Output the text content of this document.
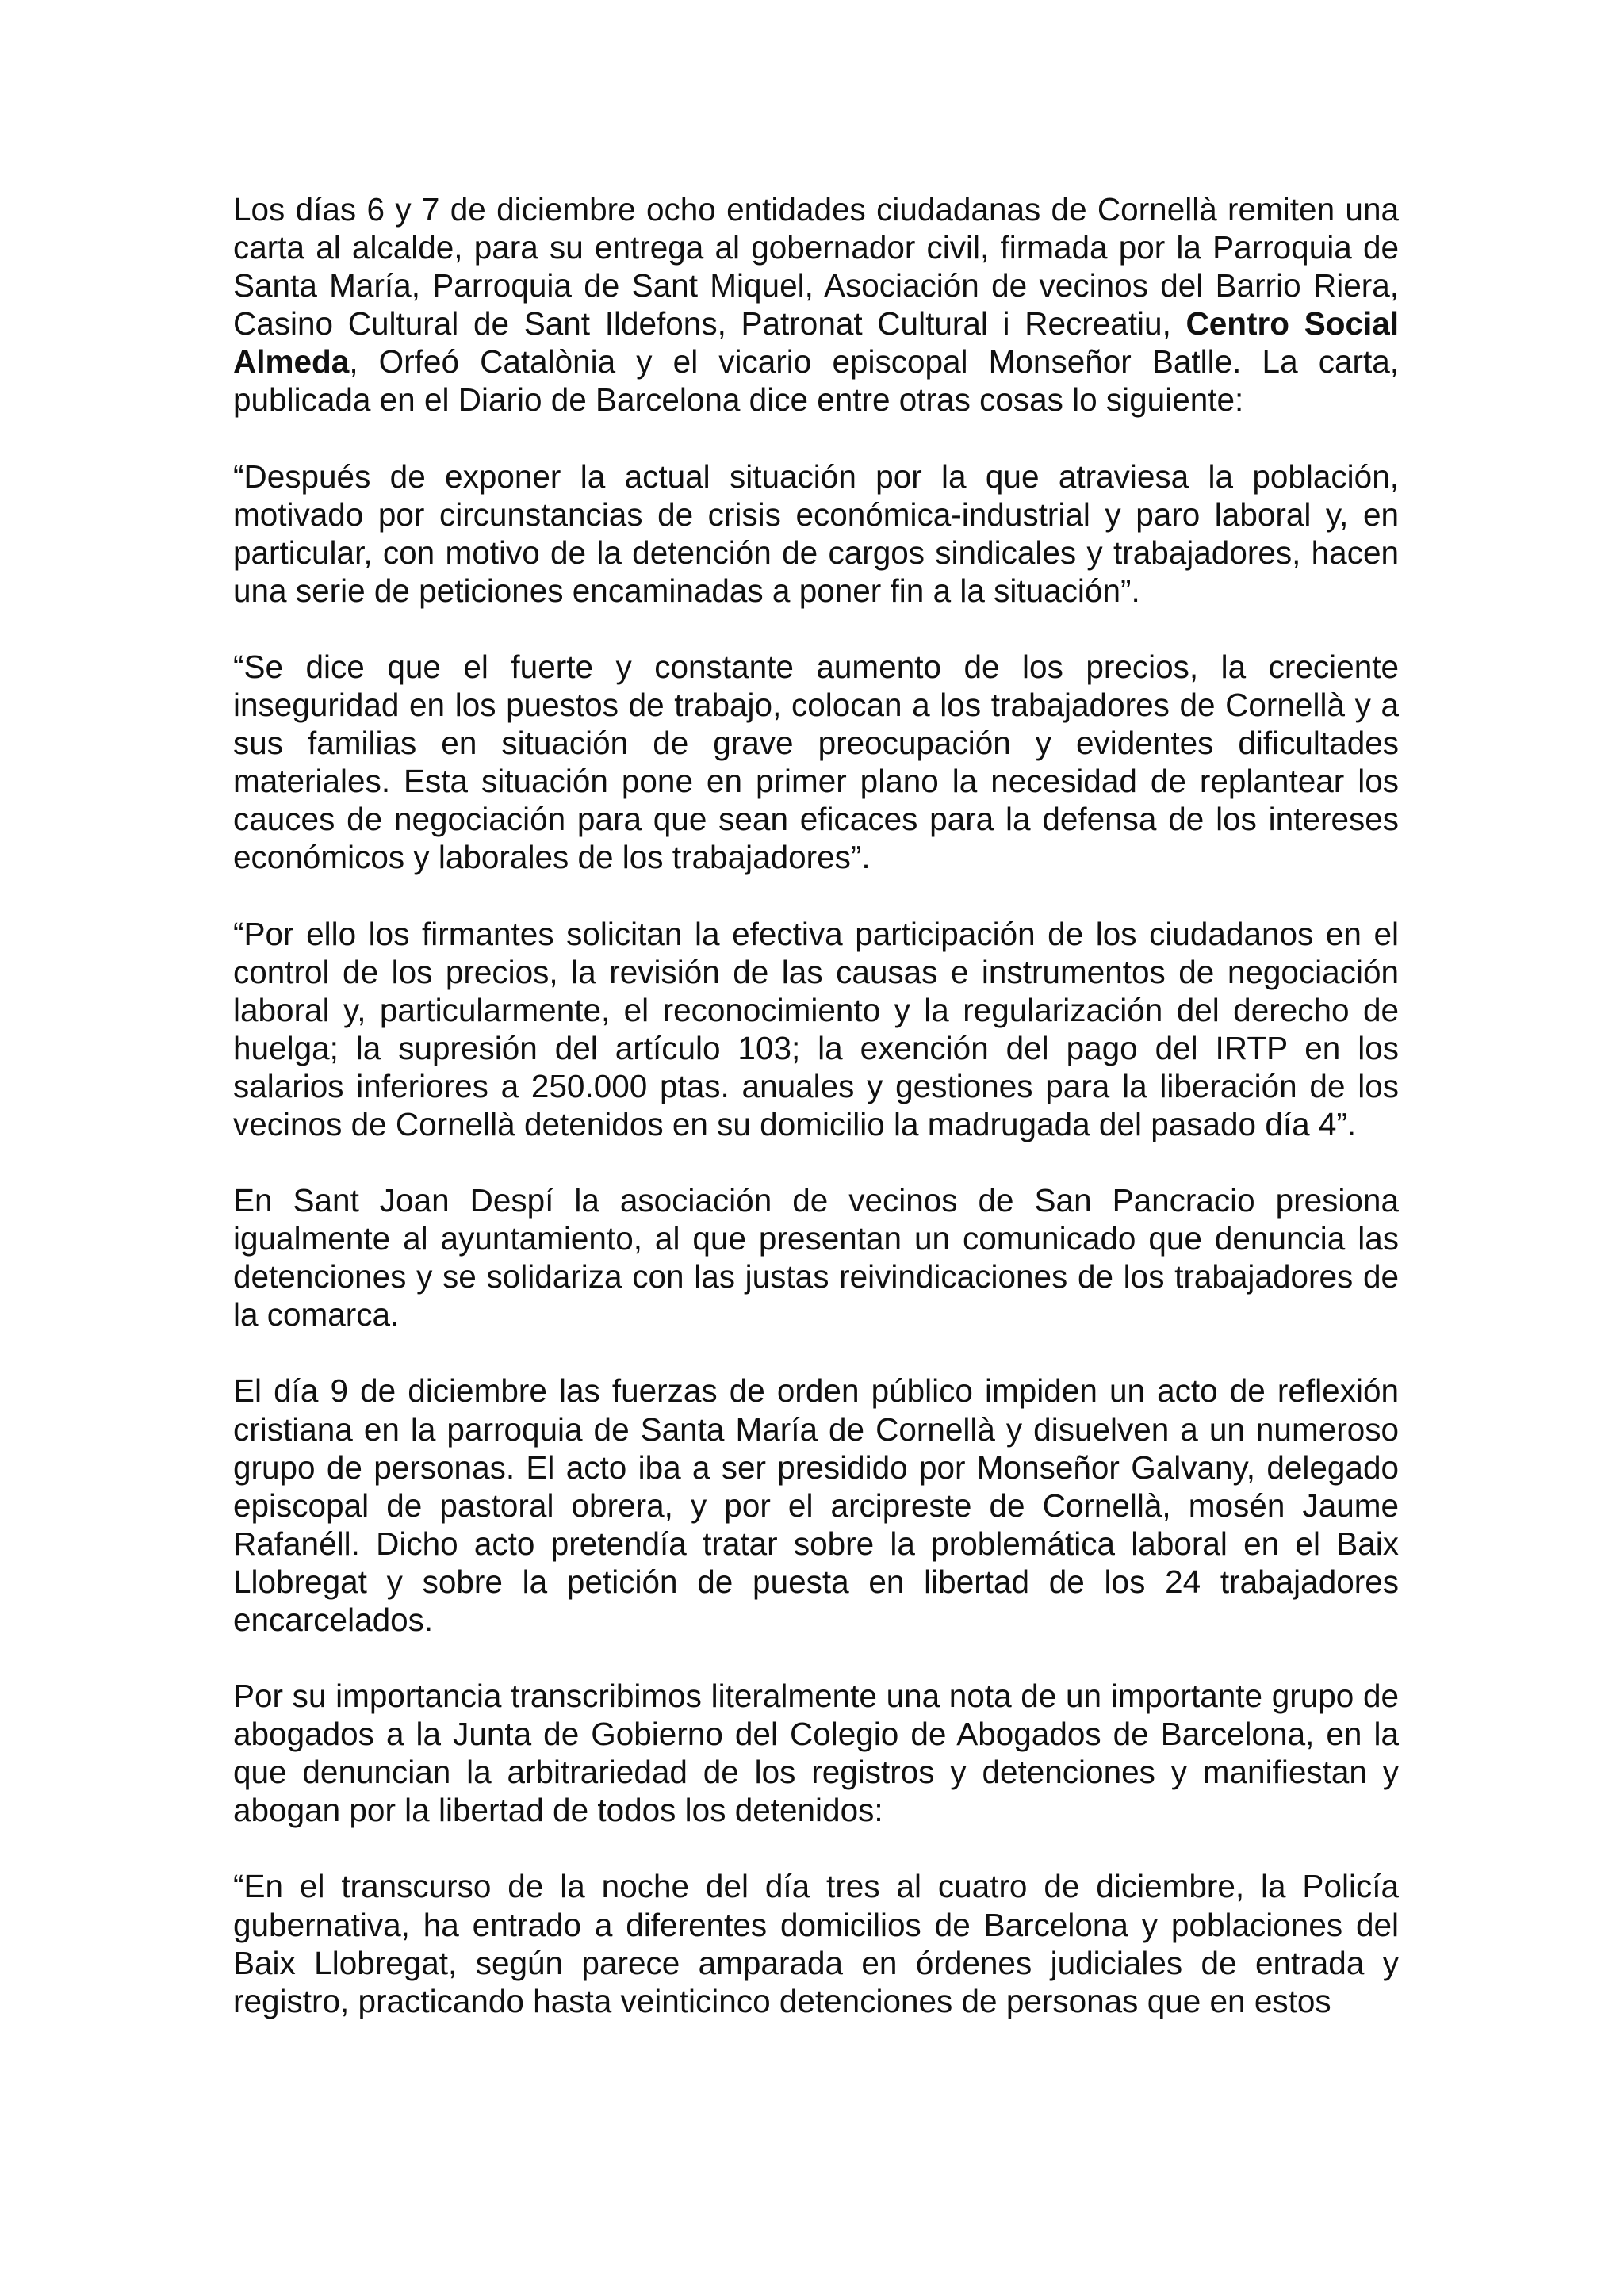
Los días 6 y 7 de diciembre ocho entidades ciudadanas de Cornellà remiten una carta al alcalde, para su entrega al gobernador civil, firmada por la Parroquia de Santa María, Parroquia de Sant Miquel, Asociación de vecinos del Barrio Riera, Casino Cultural de Sant Ildefons, Patronat Cultural i Recreatiu, Centro Social Almeda, Orfeó Catalònia y el vicario episcopal Monseñor Batlle. La carta, publicada en el Diario de Barcelona dice entre otras cosas lo siguiente:

“Después de exponer la actual situación por la que atraviesa la población, motivado por circunstancias de crisis económica-industrial y paro laboral y, en particular, con motivo de la detención de cargos sindicales y trabajadores, hacen una serie de peticiones encaminadas a poner fin a la situación”.

“Se dice que el fuerte y constante aumento de los precios, la creciente inseguridad en los puestos de trabajo, colocan a los trabajadores de Cornellà y a sus familias en situación de grave preocupación y evidentes dificultades materiales. Esta situación pone en primer plano la necesidad de replantear los cauces de negociación para que sean eficaces para la defensa de los intereses económicos y laborales de los trabajadores”.

“Por ello los firmantes solicitan la efectiva participación de los ciudadanos en el control de los precios, la revisión de las causas e instrumentos de negociación laboral y, particularmente, el reconocimiento y la regularización del derecho de huelga; la supresión del artículo 103; la exención del pago del IRTP en los salarios inferiores a 250.000 ptas. anuales y gestiones para la liberación de los vecinos de Cornellà detenidos en su domicilio la madrugada del pasado día 4”.

En Sant Joan Despí la asociación de vecinos de San Pancracio presiona igualmente al ayuntamiento, al que presentan un comunicado que denuncia las detenciones y se solidariza con las justas reivindicaciones de los trabajadores de la comarca.

El día 9 de diciembre las fuerzas de orden público impiden un acto de reflexión cristiana en la parroquia de Santa María de Cornellà y disuelven a un numeroso grupo de personas. El acto iba a ser presidido por Monseñor Galvany, delegado episcopal de pastoral obrera, y por el arcipreste de Cornellà, mosén Jaume Rafanéll. Dicho acto pretendía tratar sobre la problemática laboral en el Baix Llobregat y sobre la petición de puesta en libertad de los 24 trabajadores encarcelados.

Por su importancia transcribimos literalmente una nota de un importante grupo de abogados a la Junta de Gobierno del Colegio de Abogados de Barcelona, en la que denuncian la arbitrariedad de los registros y detenciones y manifiestan y abogan por la libertad de todos los detenidos:

“En el transcurso de la noche del día tres al cuatro de diciembre, la Policía gubernativa, ha entrado a diferentes domicilios de Barcelona y poblaciones del Baix Llobregat, según parece amparada en órdenes judiciales de entrada y registro, practicando hasta veinticinco detenciones de personas que en estos
